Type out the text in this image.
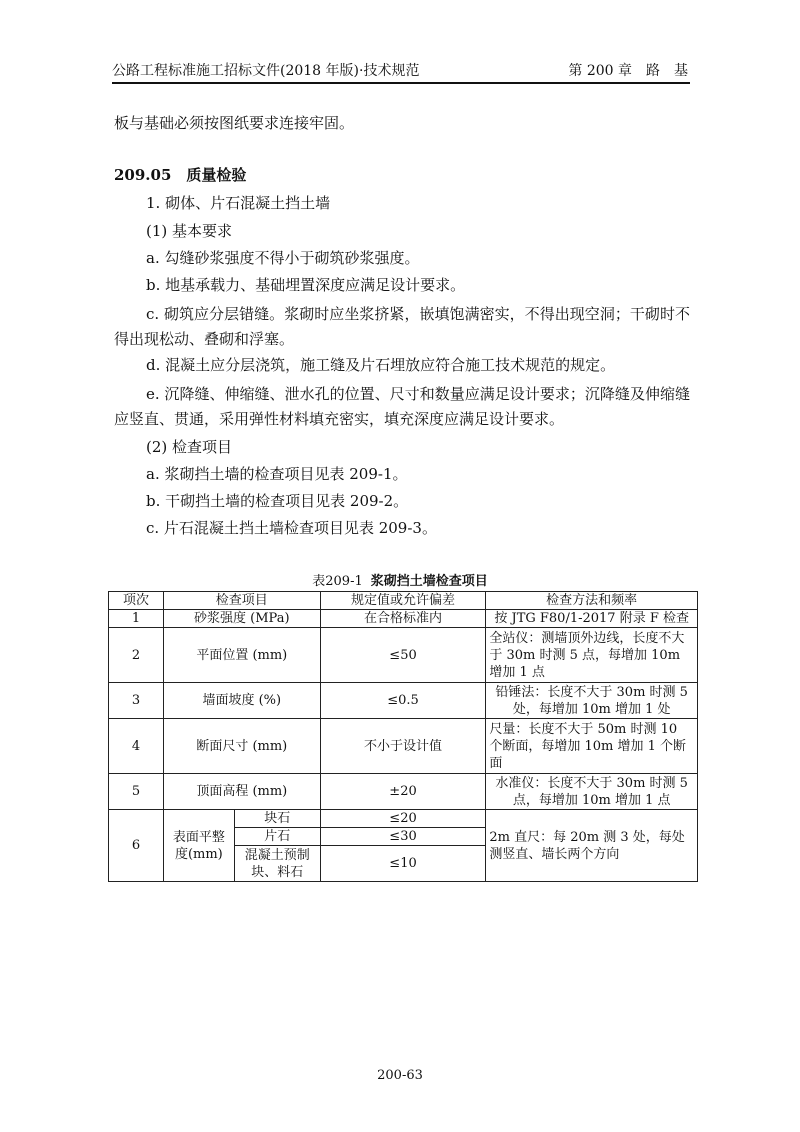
公路工程标准施工招标文件(2018 年版)·技术规范	第 200 章　路　基
板与基础必须按图纸要求连接牢固。
209.05　质量检验
1. 砌体、片石混凝土挡土墙
(1) 基本要求
a. 勾缝砂浆强度不得小于砌筑砂浆强度。
b. 地基承载力、基础埋置深度应满足设计要求。
c. 砌筑应分层错缝。浆砌时应坐浆挤紧，嵌填饱满密实，不得出现空洞；干砌时不得出现松动、叠砌和浮塞。
d. 混凝土应分层浇筑，施工缝及片石埋放应符合施工技术规范的规定。
e. 沉降缝、伸缩缝、泄水孔的位置、尺寸和数量应满足设计要求；沉降缝及伸缩缝应竖直、贯通，采用弹性材料填充密实，填充深度应满足设计要求。
(2) 检查项目
a. 浆砌挡土墙的检查项目见表 209-1。
b. 干砌挡土墙的检查项目见表 209-2。
c. 片石混凝土挡土墙检查项目见表 209-3。
表209-1 浆砌挡土墙检查项目
项次	检查项目		规定值或允许偏差	检查方法和频率
1	砂浆强度 (MPa)		在合格标准内	按 JTG F80/1-2017 附录 F 检查
2	平面位置 (mm)		≤50	全站仪：测墙顶外边线，长度不大于 30m 时测 5 点，每增加 10m 增加 1 点
3	墙面坡度 (%)		≤0.5	铅锤法：长度不大于 30m 时测 5 处，每增加 10m 增加 1 处
4	断面尺寸 (mm)		不小于设计值	尺量：长度不大于 50m 时测 10 个断面，每增加 10m 增加 1 个断面
5	顶面高程 (mm)		±20	水准仪：长度不大于 30m 时测 5 点，每增加 10m 增加 1 点
6	表面平整度(mm)	块石	≤20	2m 直尺：每 20m 测 3 处，每处测竖直、墙长两个方向
		片石	≤30	
		混凝土预制块、料石	≤10	
200-63
